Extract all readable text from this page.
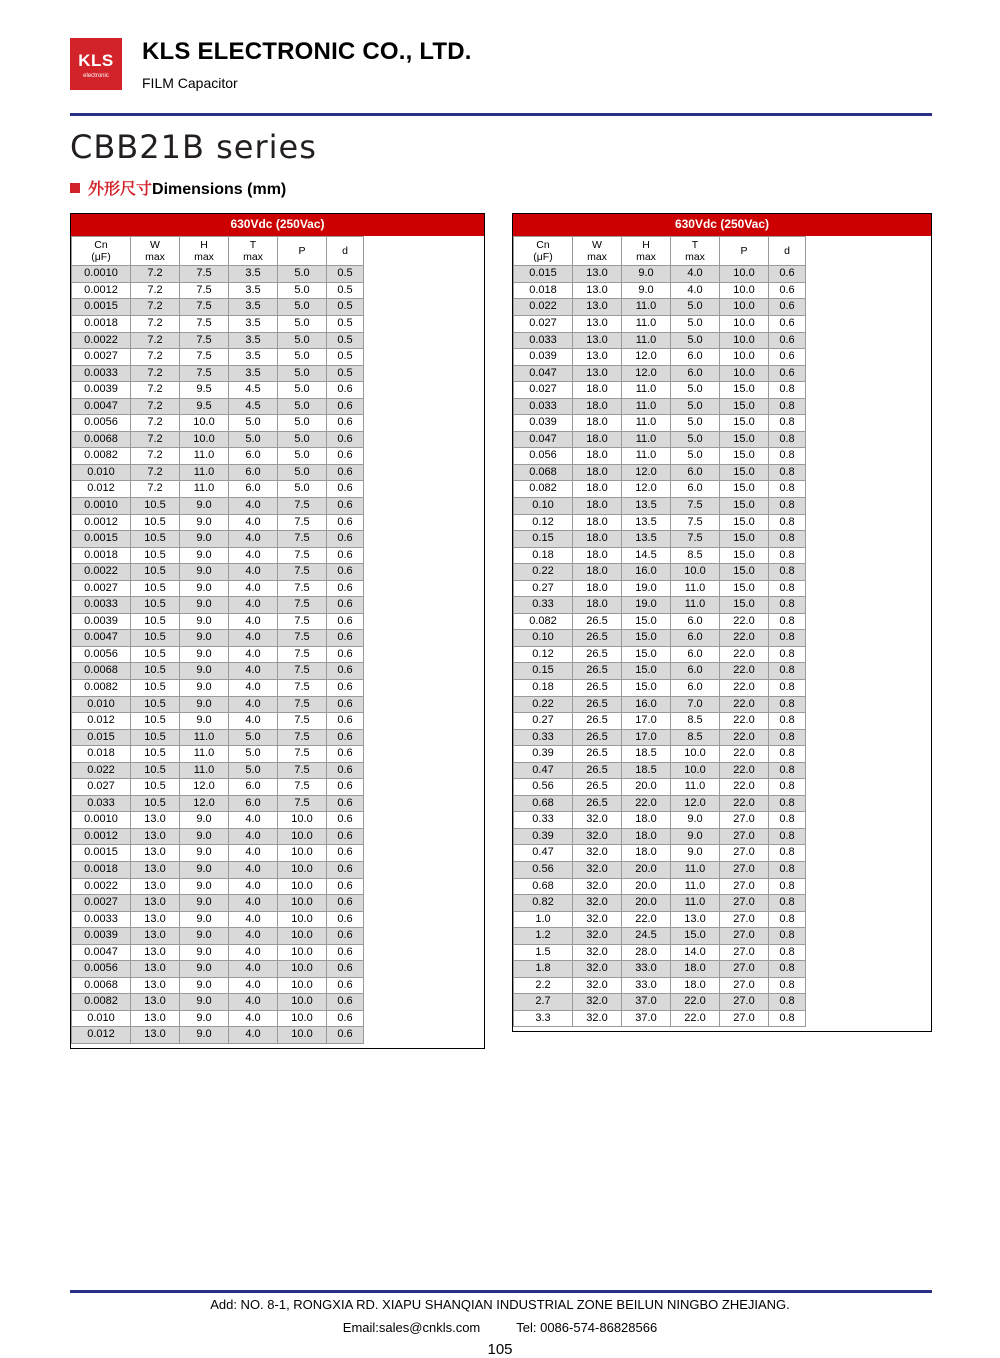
KLS
electronic
KLS ELECTRONIC CO., LTD.
FILM Capacitor
CBB21B series
外形尺寸Dimensions (mm)
630Vdc (250Vac)
Cn
(μF)

W
max

H
max

T
max

P	d

0.0010	7.2	7.5	3.5	5.0	0.5
0.0012	7.2	7.5	3.5	5.0	0.5
0.0015	7.2	7.5	3.5	5.0	0.5
0.0018	7.2	7.5	3.5	5.0	0.5
0.0022	7.2	7.5	3.5	5.0	0.5
0.0027	7.2	7.5	3.5	5.0	0.5
0.0033	7.2	7.5	3.5	5.0	0.5
0.0039	7.2	9.5	4.5	5.0	0.6
0.0047	7.2	9.5	4.5	5.0	0.6
0.0056	7.2	10.0	5.0	5.0	0.6
0.0068	7.2	10.0	5.0	5.0	0.6
0.0082	7.2	11.0	6.0	5.0	0.6
0.010	7.2	11.0	6.0	5.0	0.6
0.012	7.2	11.0	6.0	5.0	0.6
0.0010	10.5	9.0	4.0	7.5	0.6
0.0012	10.5	9.0	4.0	7.5	0.6
0.0015	10.5	9.0	4.0	7.5	0.6
0.0018	10.5	9.0	4.0	7.5	0.6
0.0022	10.5	9.0	4.0	7.5	0.6
0.0027	10.5	9.0	4.0	7.5	0.6
0.0033	10.5	9.0	4.0	7.5	0.6
0.0039	10.5	9.0	4.0	7.5	0.6
0.0047	10.5	9.0	4.0	7.5	0.6
0.0056	10.5	9.0	4.0	7.5	0.6
0.0068	10.5	9.0	4.0	7.5	0.6
0.0082	10.5	9.0	4.0	7.5	0.6
0.010	10.5	9.0	4.0	7.5	0.6
0.012	10.5	9.0	4.0	7.5	0.6
0.015	10.5	11.0	5.0	7.5	0.6
0.018	10.5	11.0	5.0	7.5	0.6
0.022	10.5	11.0	5.0	7.5	0.6
0.027	10.5	12.0	6.0	7.5	0.6
0.033	10.5	12.0	6.0	7.5	0.6
0.0010	13.0	9.0	4.0	10.0	0.6
0.0012	13.0	9.0	4.0	10.0	0.6
0.0015	13.0	9.0	4.0	10.0	0.6
0.0018	13.0	9.0	4.0	10.0	0.6
0.0022	13.0	9.0	4.0	10.0	0.6
0.0027	13.0	9.0	4.0	10.0	0.6
0.0033	13.0	9.0	4.0	10.0	0.6
0.0039	13.0	9.0	4.0	10.0	0.6
0.0047	13.0	9.0	4.0	10.0	0.6
0.0056	13.0	9.0	4.0	10.0	0.6
0.0068	13.0	9.0	4.0	10.0	0.6
0.0082	13.0	9.0	4.0	10.0	0.6
0.010	13.0	9.0	4.0	10.0	0.6
0.012	13.0	9.0	4.0	10.0	0.6
630Vdc (250Vac)
Cn
(μF)

W
max

H
max

T
max

P	d

0.015	13.0	9.0	4.0	10.0	0.6
0.018	13.0	9.0	4.0	10.0	0.6
0.022	13.0	11.0	5.0	10.0	0.6
0.027	13.0	11.0	5.0	10.0	0.6
0.033	13.0	11.0	5.0	10.0	0.6
0.039	13.0	12.0	6.0	10.0	0.6
0.047	13.0	12.0	6.0	10.0	0.6
0.027	18.0	11.0	5.0	15.0	0.8
0.033	18.0	11.0	5.0	15.0	0.8
0.039	18.0	11.0	5.0	15.0	0.8
0.047	18.0	11.0	5.0	15.0	0.8
0.056	18.0	11.0	5.0	15.0	0.8
0.068	18.0	12.0	6.0	15.0	0.8
0.082	18.0	12.0	6.0	15.0	0.8
0.10	18.0	13.5	7.5	15.0	0.8
0.12	18.0	13.5	7.5	15.0	0.8
0.15	18.0	13.5	7.5	15.0	0.8
0.18	18.0	14.5	8.5	15.0	0.8
0.22	18.0	16.0	10.0	15.0	0.8
0.27	18.0	19.0	11.0	15.0	0.8
0.33	18.0	19.0	11.0	15.0	0.8
0.082	26.5	15.0	6.0	22.0	0.8
0.10	26.5	15.0	6.0	22.0	0.8
0.12	26.5	15.0	6.0	22.0	0.8
0.15	26.5	15.0	6.0	22.0	0.8
0.18	26.5	15.0	6.0	22.0	0.8
0.22	26.5	16.0	7.0	22.0	0.8
0.27	26.5	17.0	8.5	22.0	0.8
0.33	26.5	17.0	8.5	22.0	0.8
0.39	26.5	18.5	10.0	22.0	0.8
0.47	26.5	18.5	10.0	22.0	0.8
0.56	26.5	20.0	11.0	22.0	0.8
0.68	26.5	22.0	12.0	22.0	0.8
0.33	32.0	18.0	9.0	27.0	0.8
0.39	32.0	18.0	9.0	27.0	0.8
0.47	32.0	18.0	9.0	27.0	0.8
0.56	32.0	20.0	11.0	27.0	0.8
0.68	32.0	20.0	11.0	27.0	0.8
0.82	32.0	20.0	11.0	27.0	0.8
1.0	32.0	22.0	13.0	27.0	0.8
1.2	32.0	24.5	15.0	27.0	0.8
1.5	32.0	28.0	14.0	27.0	0.8
1.8	32.0	33.0	18.0	27.0	0.8
2.2	32.0	33.0	18.0	27.0	0.8
2.7	32.0	37.0	22.0	27.0	0.8
3.3	32.0	37.0	22.0	27.0	0.8
Add: NO. 8-1, RONGXIA RD. XIAPU SHANQIAN INDUSTRIAL ZONE BEILUN NINGBO ZHEJIANG.
Email:sales@cnkls.com	Tel: 0086-574-86828566
105
